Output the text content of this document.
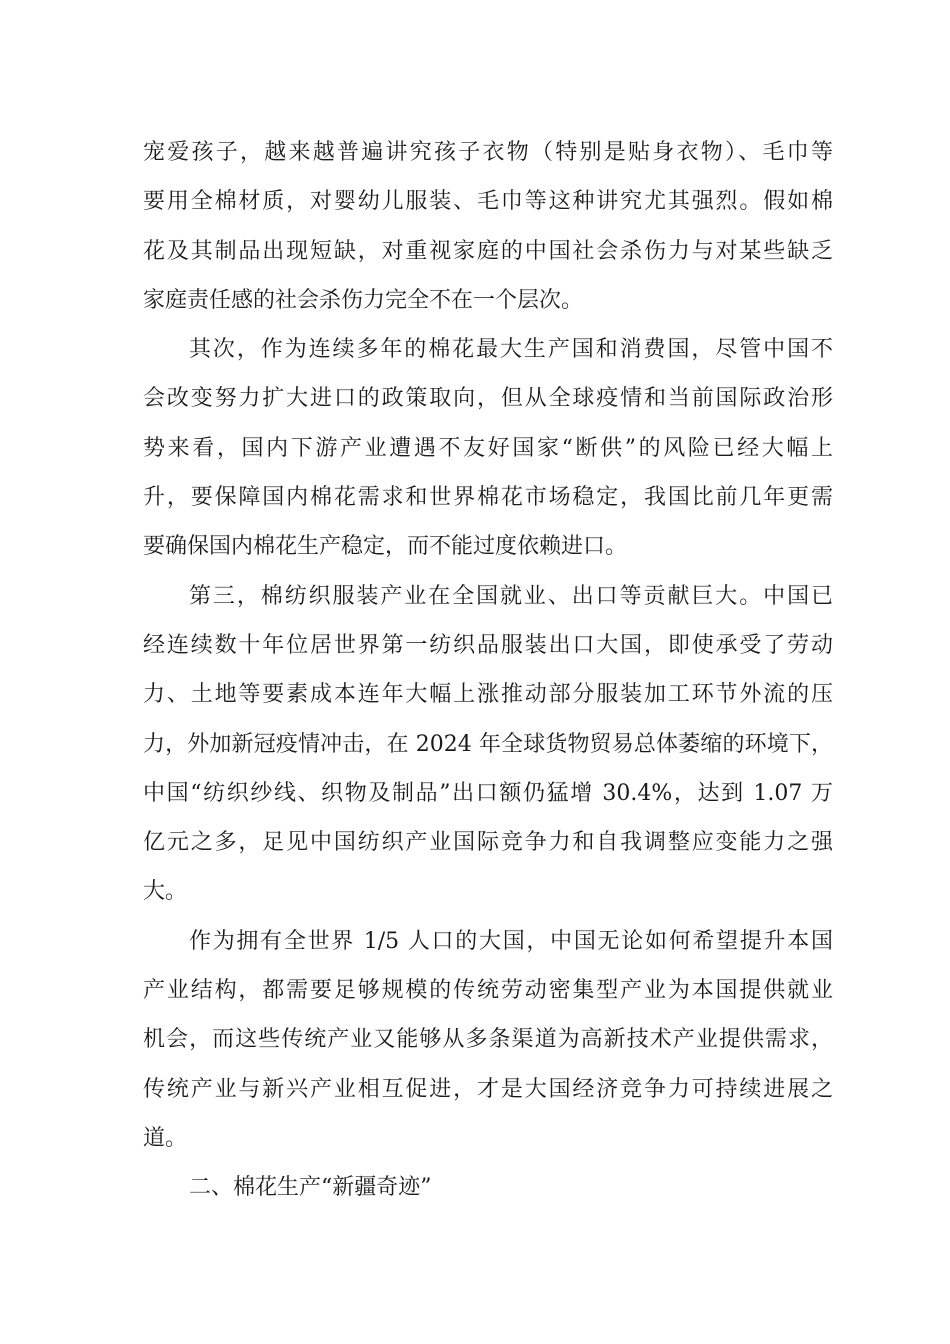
宠爱孩子，越来越普遍讲究孩子衣物（特别是贴身衣物）、毛巾等
要用全棉材质，对婴幼儿服装、毛巾等这种讲究尤其强烈。假如棉
花及其制品出现短缺，对重视家庭的中国社会杀伤力与对某些缺乏
家庭责任感的社会杀伤力完全不在一个层次。
其次，作为连续多年的棉花最大生产国和消费国，尽管中国不
会改变努力扩大进口的政策取向，但从全球疫情和当前国际政治形
势来看，国内下游产业遭遇不友好国家“断供”的风险已经大幅上
升，要保障国内棉花需求和世界棉花市场稳定，我国比前几年更需
要确保国内棉花生产稳定，而不能过度依赖进口。
第三，棉纺织服装产业在全国就业、出口等贡献巨大。中国已
经连续数十年位居世界第一纺织品服装出口大国，即使承受了劳动
力、土地等要素成本连年大幅上涨推动部分服装加工环节外流的压
力，外加新冠疫情冲击，在 2024 年全球货物贸易总体萎缩的环境下，
中国“纺织纱线、织物及制品”出口额仍猛增 30.4%，达到 1.07 万
亿元之多，足见中国纺织产业国际竞争力和自我调整应变能力之强
大。
作为拥有全世界 1/5 人口的大国，中国无论如何希望提升本国
产业结构，都需要足够规模的传统劳动密集型产业为本国提供就业
机会，而这些传统产业又能够从多条渠道为高新技术产业提供需求，
传统产业与新兴产业相互促进，才是大国经济竞争力可持续进展之
道。
二、棉花生产“新疆奇迹”
